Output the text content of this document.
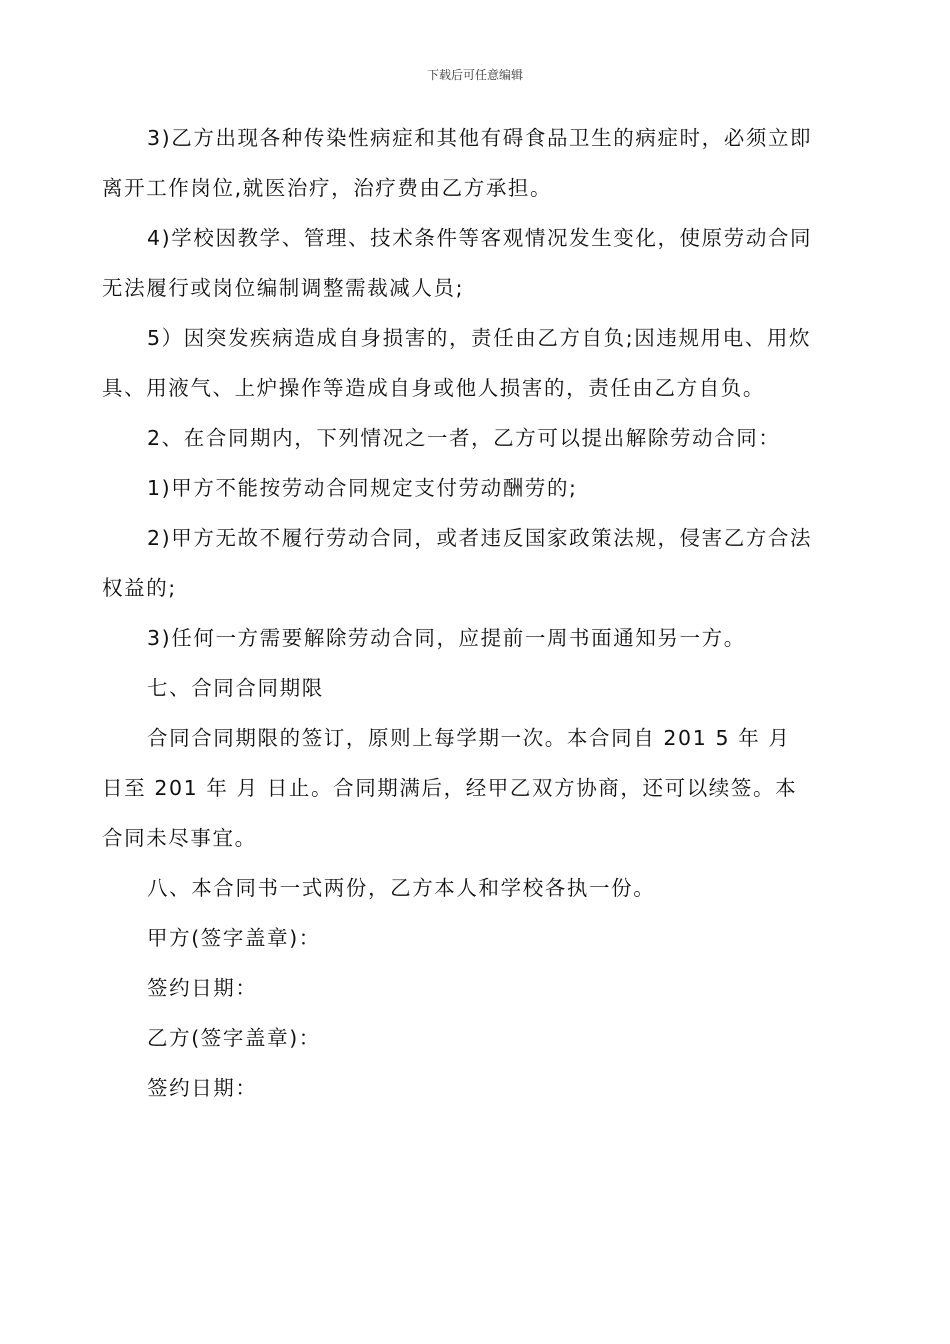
下载后可任意编辑
3)乙方出现各种传染性病症和其他有碍食品卫生的病症时，必须立即
离开工作岗位,就医治疗，治疗费由乙方承担。
4)学校因教学、管理、技术条件等客观情况发生变化，使原劳动合同
无法履行或岗位编制调整需裁减人员;
5）因突发疾病造成自身损害的，责任由乙方自负;因违规用电、用炊
具、用液气、上炉操作等造成自身或他人损害的，责任由乙方自负。
2、在合同期内，下列情况之一者，乙方可以提出解除劳动合同：
1)甲方不能按劳动合同规定支付劳动酬劳的;
2)甲方无故不履行劳动合同，或者违反国家政策法规，侵害乙方合法
权益的;
3)任何一方需要解除劳动合同，应提前一周书面通知另一方。
七、合同合同期限
合同合同期限的签订，原则上每学期一次。本合同自 201 5 年 月
日至 201 年 月 日止。合同期满后，经甲乙双方协商，还可以续签。本
合同未尽事宜。
八、本合同书一式两份，乙方本人和学校各执一份。
甲方(签字盖章)：
签约日期：
乙方(签字盖章)：
签约日期：
